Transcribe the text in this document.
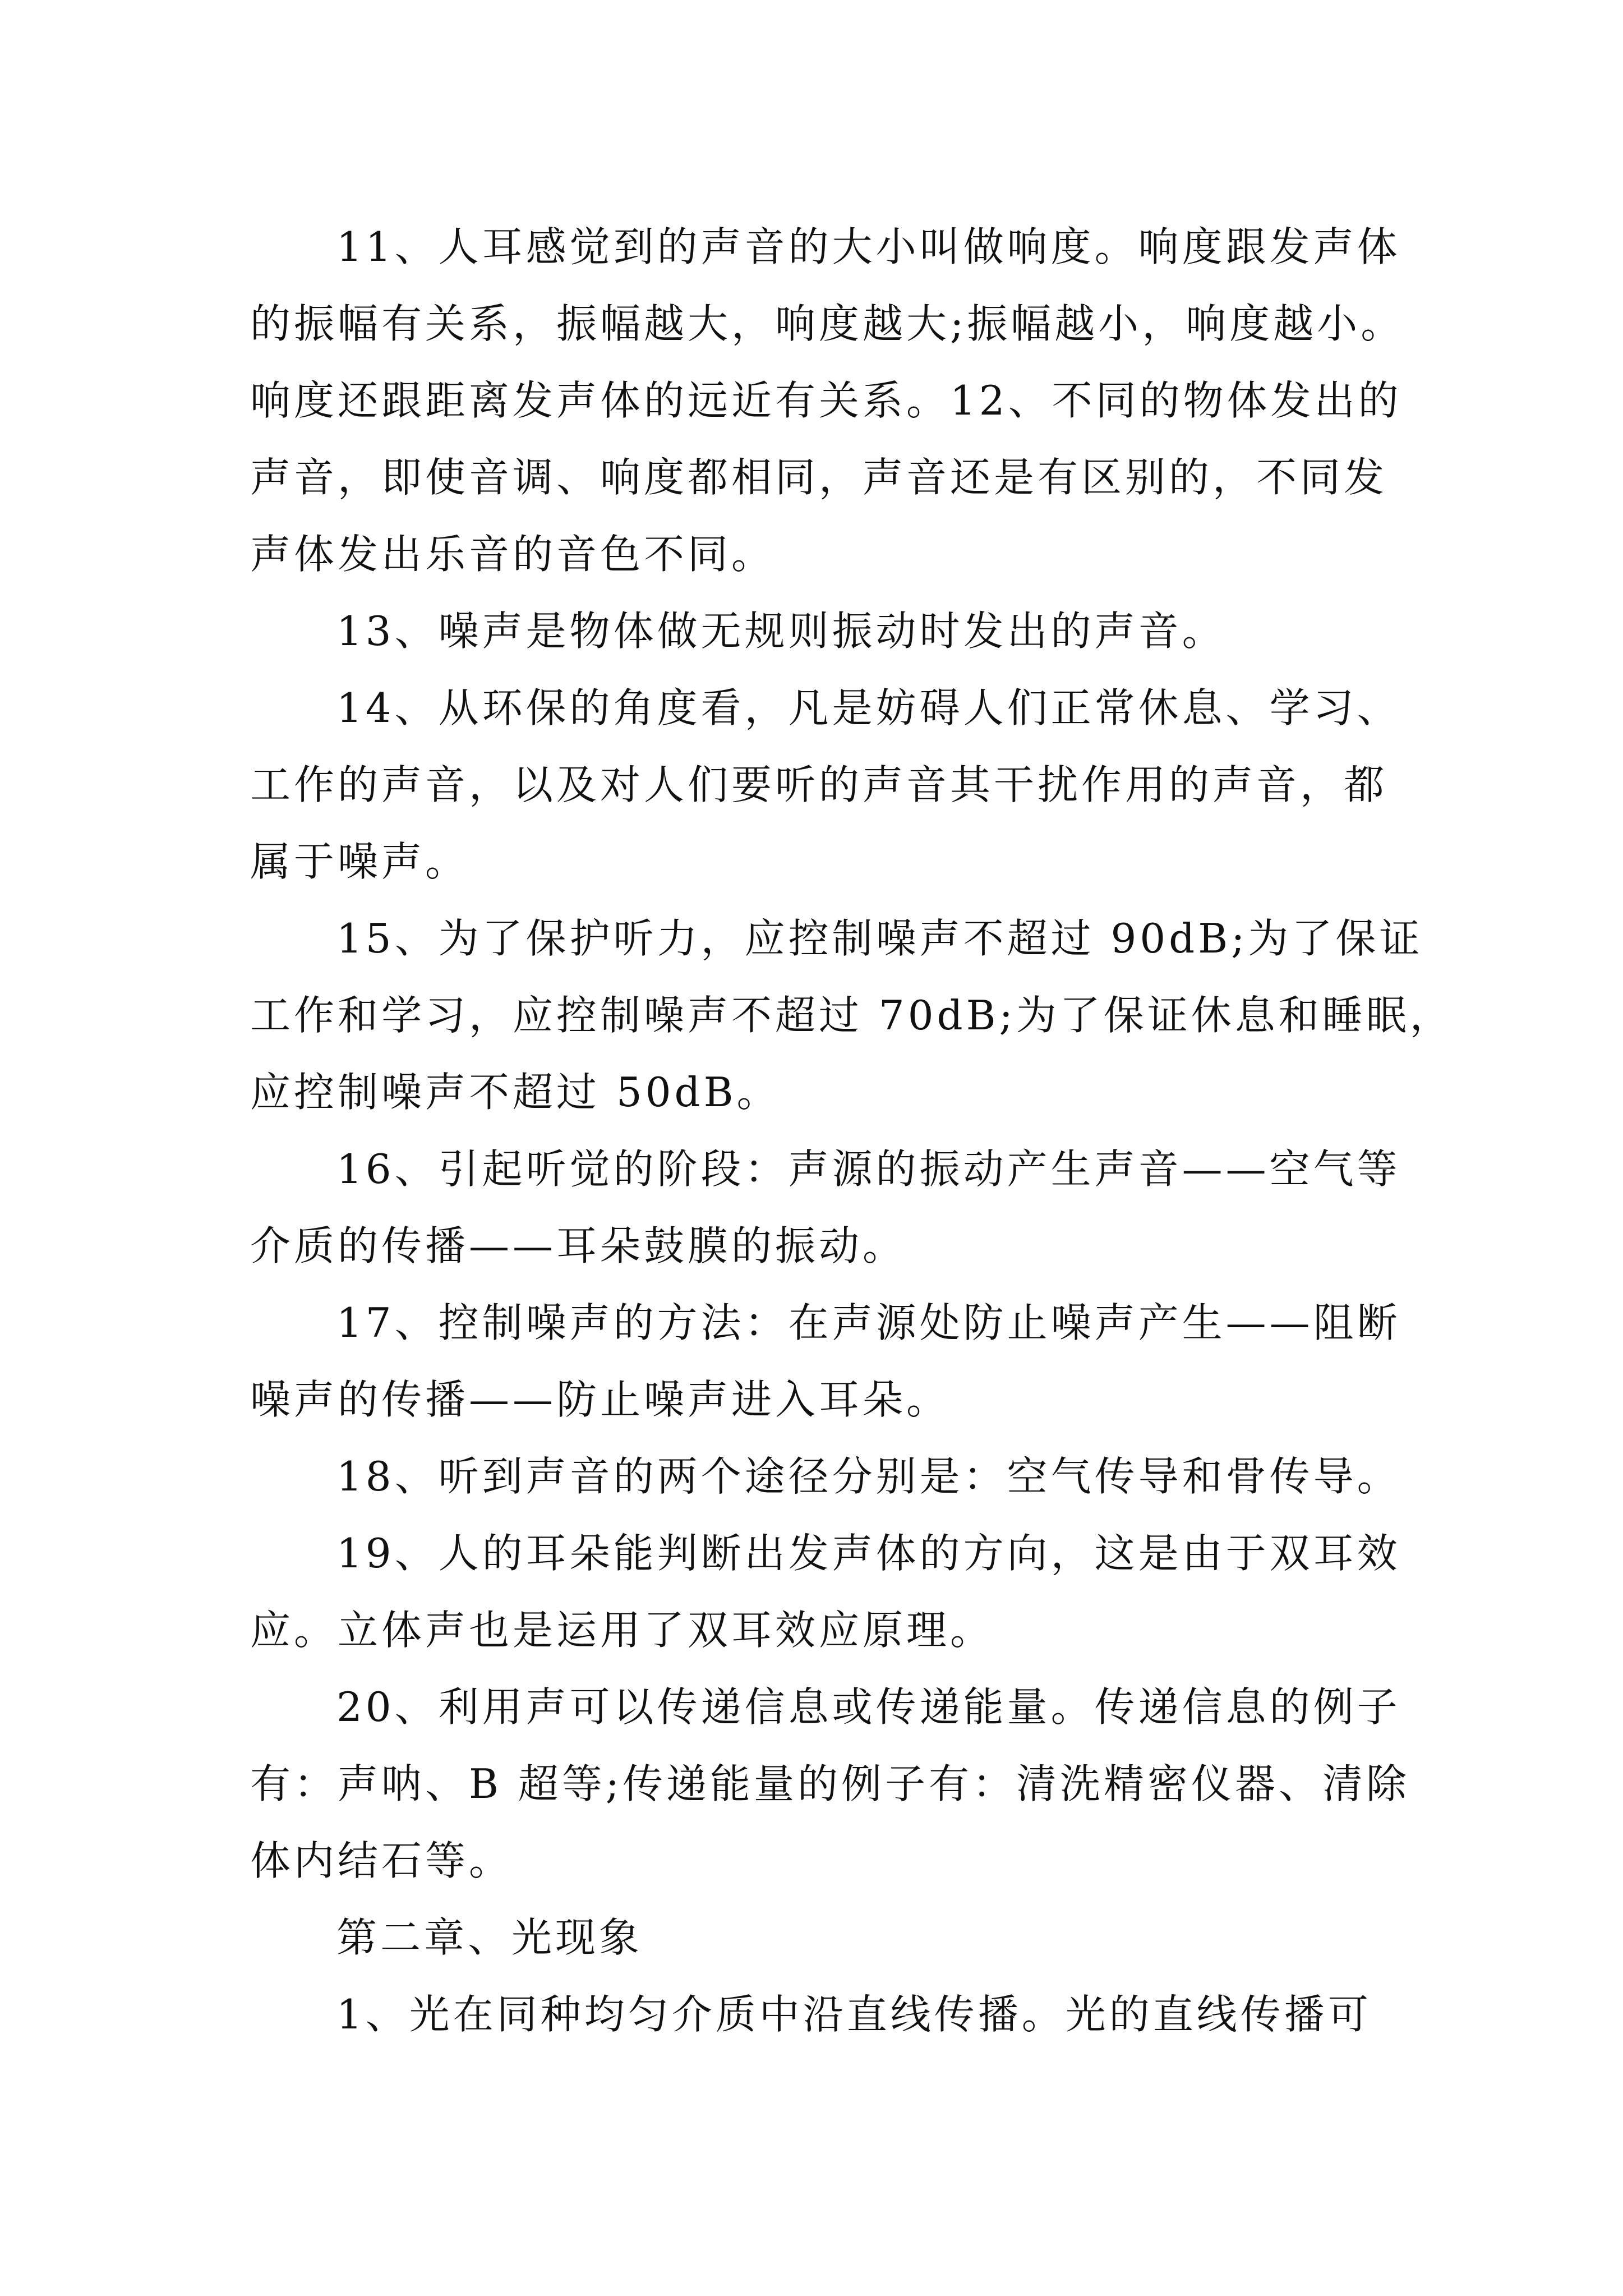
11、人耳感觉到的声音的大小叫做响度。响度跟发声体
的振幅有关系，振幅越大，响度越大;振幅越小，响度越小。
响度还跟距离发声体的远近有关系。12、不同的物体发出的
声音，即使音调、响度都相同，声音还是有区别的，不同发
声体发出乐音的音色不同。
13、噪声是物体做无规则振动时发出的声音。
14、从环保的角度看，凡是妨碍人们正常休息、学习、
工作的声音，以及对人们要听的声音其干扰作用的声音，都
属于噪声。
15、为了保护听力，应控制噪声不超过 90dB;为了保证
工作和学习，应控制噪声不超过 70dB;为了保证休息和睡眠，
应控制噪声不超过 50dB。
16、引起听觉的阶段：声源的振动产生声音——空气等
介质的传播——耳朵鼓膜的振动。
17、控制噪声的方法：在声源处防止噪声产生——阻断
噪声的传播——防止噪声进入耳朵。
18、听到声音的两个途径分别是：空气传导和骨传导。
19、人的耳朵能判断出发声体的方向，这是由于双耳效
应。立体声也是运用了双耳效应原理。
20、利用声可以传递信息或传递能量。传递信息的例子
有：声呐、B 超等;传递能量的例子有：清洗精密仪器、清除
体内结石等。
第二章、光现象
1、光在同种均匀介质中沿直线传播。光的直线传播可
